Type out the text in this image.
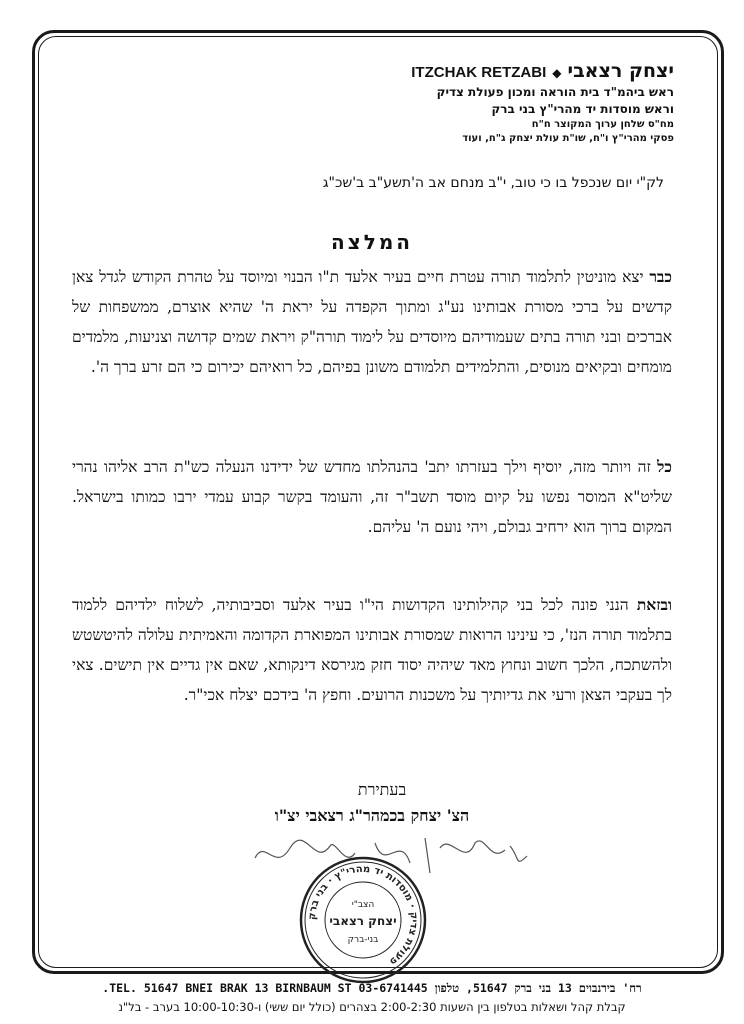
יצחק רצאבי◆ITZCHAK RETZABI
ראש ביהמ"ד בית הוראה ומכון פעולת צדיק
וראש מוסדות יד מהרי"ץ בני ברק
מח"ס שלחן ערוך המקוצר ח"ח
פסקי מהרי"ץ ו"ח, שו"ת עולת יצחק ג"ח, ועוד
לק"י יום שנכפל בו כי טוב, י"ב מנחם אב ה'תשע"ב ב'שכ"ג
המלצה
כבר יצא מוניטין לתלמוד תורה עטרת חיים בעיר אלעד ת"ו הבנוי ומיוסד על טהרת הקודש לגדל צאן קדשים על ברכי מסורת אבותינו נע"ג ומתוך הקפדה על יראת ה' שהיא אוצרם, ממשפחות של אברכים ובני תורה בתים שעמודיהם מיוסדים על לימוד תורה"ק ויראת שמים קדושה וצניעות, מלמדים מומחים ובקיאים מנוסים, והתלמידים תלמודם משונן בפיהם, כל רואיהם יכירום כי הם זרע ברך ה'.
כל זה ויותר מזה, יוסיף וילך בעזרתו יתב' בהנהלתו מחדש של ידידנו הנעלה כש"ת הרב אליהו נהרי שליט"א המוסר נפשו על קיום מוסד תשב"ר זה, והעומד בקשר קבוע עמדי ירבו כמותו בישראל. המקום ברוך הוא ירחיב גבולם, ויהי נועם ה' עליהם.
ובזאת הנני פונה לכל בני קהילותינו הקדושות הי"ו בעיר אלעד וסביבותיה, לשלוח ילדיהם ללמוד בתלמוד תורה הנז', כי עינינו הרואות שמסורת אבותינו המפוארת הקדומה והאמיתית עלולה להיטשטש ולהשתכח, הלכך חשוב ונחוץ מאד שיהיה יסוד חזק מגירסא דינקותא, שאם אין גדיים אין תישים. צאי לך בעקבי הצאן ורעי את גדיותיך על משכנות הרועים. וחפץ ה' בידכם יצלח אכי"ר.
בעתירת
הצ' יצחק בכמהר"ג רצאבי יצ"ו
פעולת צדיק · מוסדות יד מהרי"ץ · בני ברק
הצב"י
יצחק רצאבי
בני-ברק
רח' בירנבוים 13 בני ברק 51647, טלפון 03-6741445 TEL. 51647 BNEI BRAK 13 BIRNBAUM ST.
קבלת קהל ושאלות בטלפון בין השעות 2:00-2:30 בצהרים (כולל יום ששי) ו-10:00-10:30 בערב - בל"נ
